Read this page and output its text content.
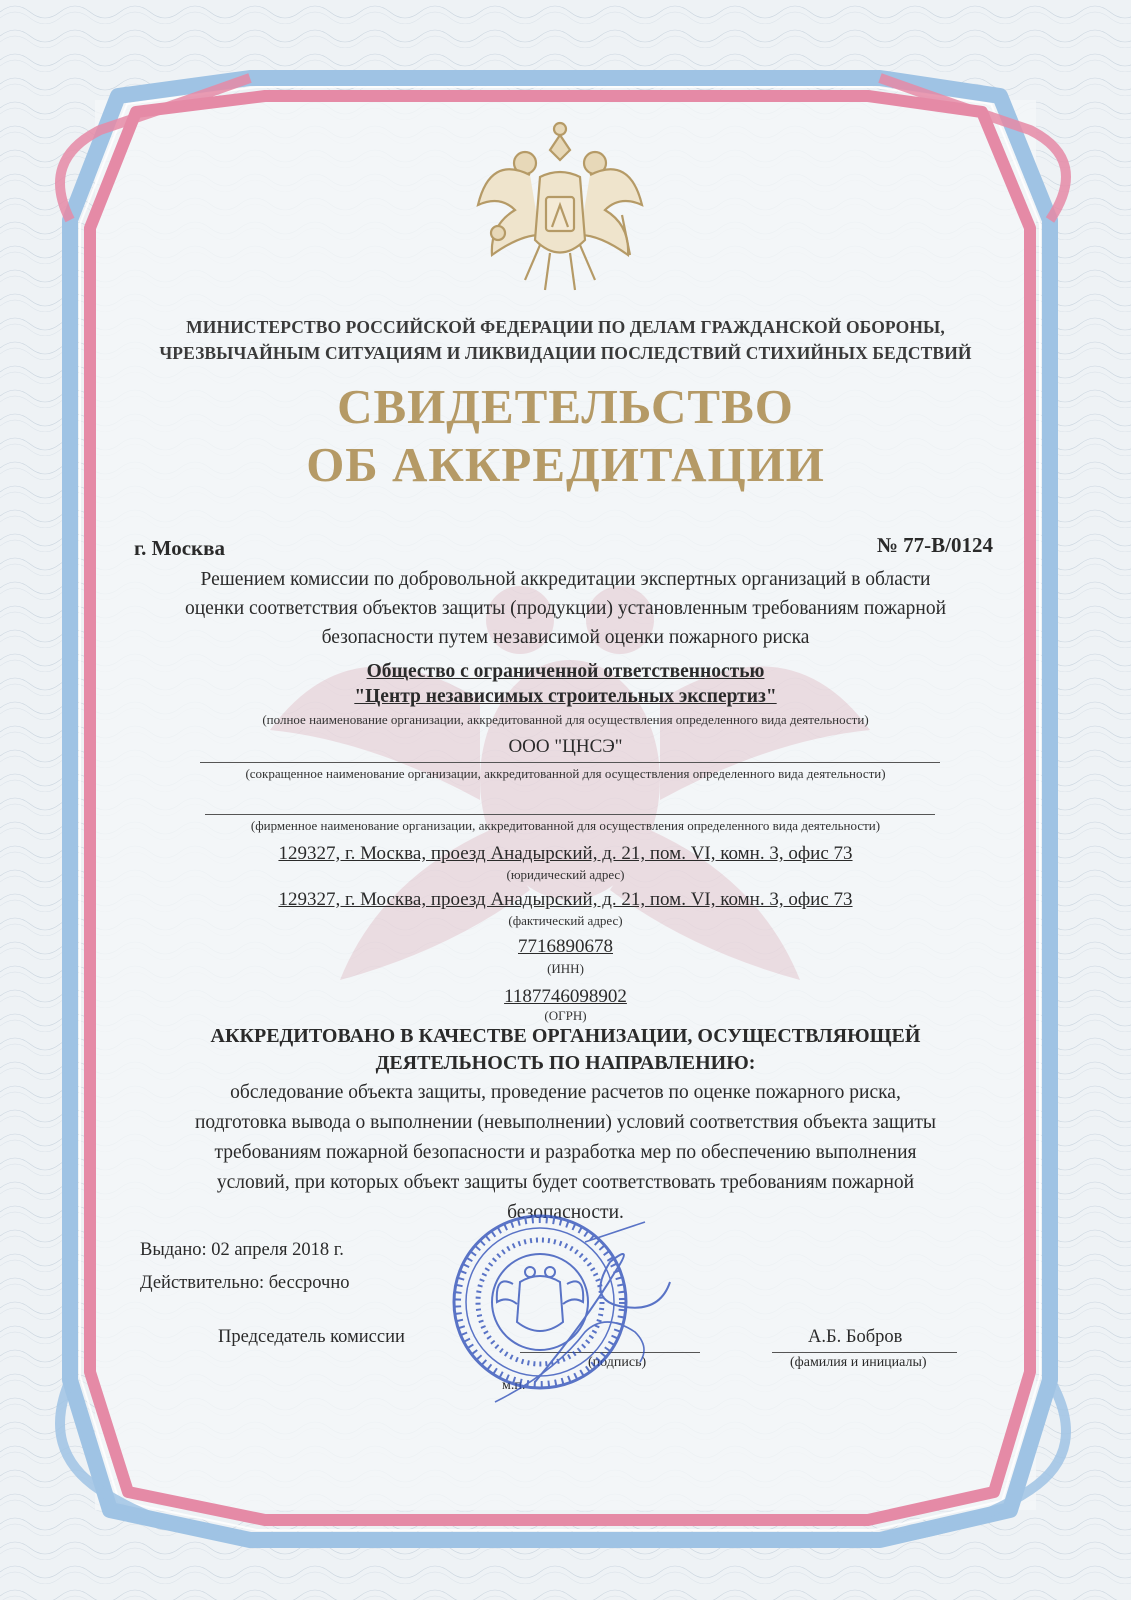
МИНИСТЕРСТВО РОССИЙСКОЙ ФЕДЕРАЦИИ ПО ДЕЛАМ ГРАЖДАНСКОЙ ОБОРОНЫ,
ЧРЕЗВЫЧАЙНЫМ СИТУАЦИЯМ И ЛИКВИДАЦИИ ПОСЛЕДСТВИЙ СТИХИЙНЫХ БЕДСТВИЙ
СВИДЕТЕЛЬСТВО
ОБ АККРЕДИТАЦИИ
г. Москва	№ 77-В/0124
Решением комиссии по добровольной аккредитации экспертных организаций в области
оценки соответствия объектов защиты (продукции) установленным требованиям пожарной
безопасности путем независимой оценки пожарного риска
Общество с ограниченной ответственностью
"Центр независимых строительных экспертиз"
(полное наименование организации, аккредитованной для осуществления определенного вида деятельности)
ООО "ЦНСЭ"
(сокращенное наименование организации, аккредитованной для осуществления определенного вида деятельности)
(фирменное наименование организации, аккредитованной для осуществления определенного вида деятельности)
129327, г. Москва, проезд Анадырский, д. 21, пом. VI, комн. 3, офис 73
(юридический адрес)
129327, г. Москва, проезд Анадырский, д. 21, пом. VI, комн. 3, офис 73
(фактический адрес)
7716890678
(ИНН)
1187746098902
(ОГРН)
АККРЕДИТОВАНО В КАЧЕСТВЕ ОРГАНИЗАЦИИ, ОСУЩЕСТВЛЯЮЩЕЙ
ДЕЯТЕЛЬНОСТЬ ПО НАПРАВЛЕНИЮ:
обследование объекта защиты, проведение расчетов по оценке пожарного риска,
подготовка вывода о выполнении (невыполнении) условий соответствия объекта защиты
требованиям пожарной безопасности и разработка мер по обеспечению выполнения
условий, при которых объект защиты будет соответствовать требованиям пожарной
безопасности.
Выдано: 02 апреля 2018 г.
Действительно: бессрочно
Председатель комиссии
(подпись)
А.Б. Бобров
(фамилия и инициалы)
м.п.
